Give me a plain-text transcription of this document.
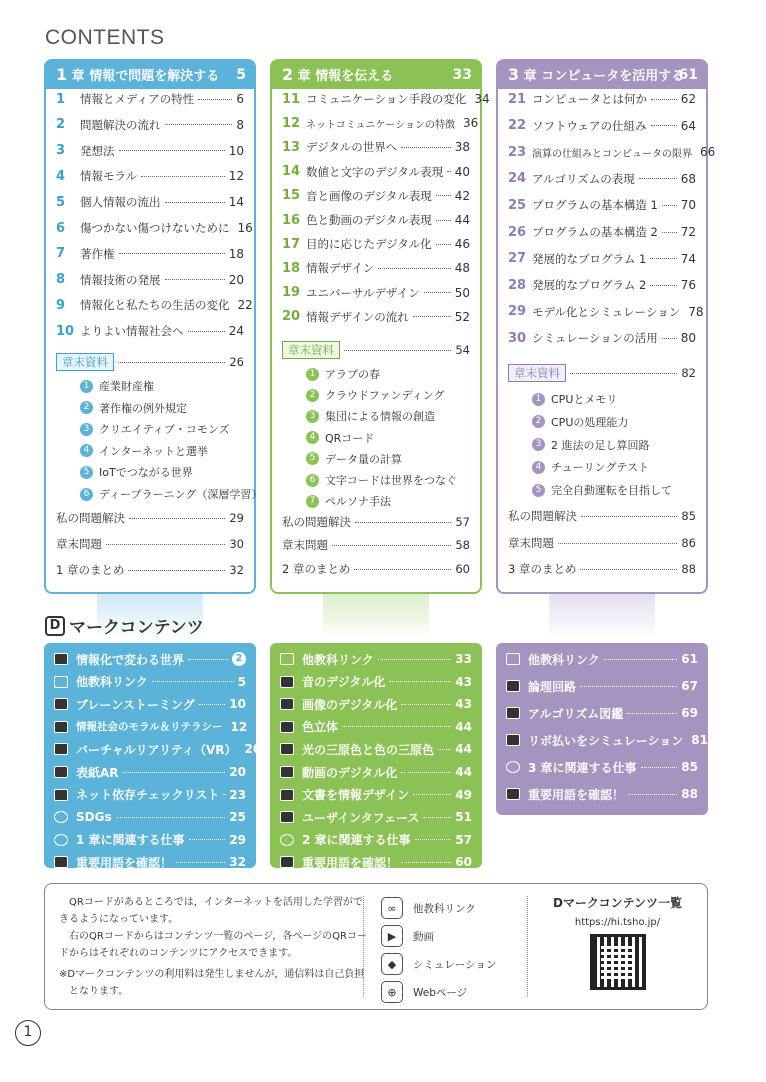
CONTENTS
1 章 情報で問題を解決する 5
1	情報とメディアの特性	6
2	問題解決の流れ	8
3	発想法	10
4	情報モラル	12
5	個人情報の流出	14
6	傷つかない傷つけないために 16
7	著作権	18
8	情報技術の発展	20
9	情報化と私たちの生活の変化 22
10 よりよい情報社会へ	24
章末資料	26
1 産業財産権
2 著作権の例外規定
3 クリエイティブ・コモンズ
4 インターネットと選挙
5 IoTでつながる世界
6 ディープラーニング（深層学習）
私の問題解決	29
章末問題	30
1 章のまとめ	32
2 章 情報を伝える	33
11 コミュニケーション手段の変化 34
12 ネットコミュニケーションの特徴 36
13 デジタルの世界へ	38
14 数値と文字のデジタル表現 40
15 音と画像のデジタル表現 42
16 色と動画のデジタル表現 44
17 目的に応じたデジタル化 46
18 情報デザイン	48
19 ユニバーサルデザイン	50
20 情報デザインの流れ	52
章末資料	54
1 アラブの春
2 クラウドファンディング
3 集団による情報の創造
4 QRコード
5 データ量の計算
6 文字コードは世界をつなぐ
7 ペルソナ手法
私の問題解決	57
章末問題	58
2 章のまとめ	60
3 章 コンピュータを活用する
61
21 コンピュータとは何か	62
22 ソフトウェアの仕組み	64
23 演算の仕組みとコンピュータの限界 66
24 アルゴリズムの表現	68
25 プログラムの基本構造 1 70
26 プログラムの基本構造 2 72
27 発展的なプログラム 1	74
28 発展的なプログラム 2	76
29 モデル化とシミュレーション 78
30 シミュレーションの活用 80
章末資料	82
1 CPUとメモリ
2 CPUの処理能力
3 2 進法の足し算回路
4 チューリングテスト
5 完全自動運転を目指して
私の問題解決	85
章末問題	86
3 章のまとめ	88
D マークコンテンツ
情報化で変わる世界	2
他教科リンク	5
ブレーンストーミング	10
情報社会のモラル＆リテラシー 12
バーチャルリアリティ（VR） 20
表紙AR	20
ネット依存チェックリスト 23
SDGs	25
1 章に関連する仕事	29
重要用語を確認！	32
他教科リンク	33
音のデジタル化	43
画像のデジタル化	43
色立体	44
光の三原色と色の三原色 44
動画のデジタル化	44
文書を情報デザイン	49
ユーザインタフェース	51
2 章に関連する仕事	57
重要用語を確認！	60
他教科リンク	61
論理回路	67
アルゴリズム図鑑	69
リボ払いをシミュレーション 81
3 章に関連する仕事	85
重要用語を確認！	88

QRコードがあるところでは，インターネットを活用した学習ができるようになっています。

右のQRコードからはコンテンツ一覧のページ，各ページのQRコードからはそれぞれのコンテンツにアクセスできます。

※Dマークコンテンツの利用料は発生しませんが，通信料は自己負担となります。

∞	他教科リンク
▶	動画
◆	シミュレーション
⊕	Webページ
Dマークコンテンツ一覧
https://hi.tsho.jp/
1
